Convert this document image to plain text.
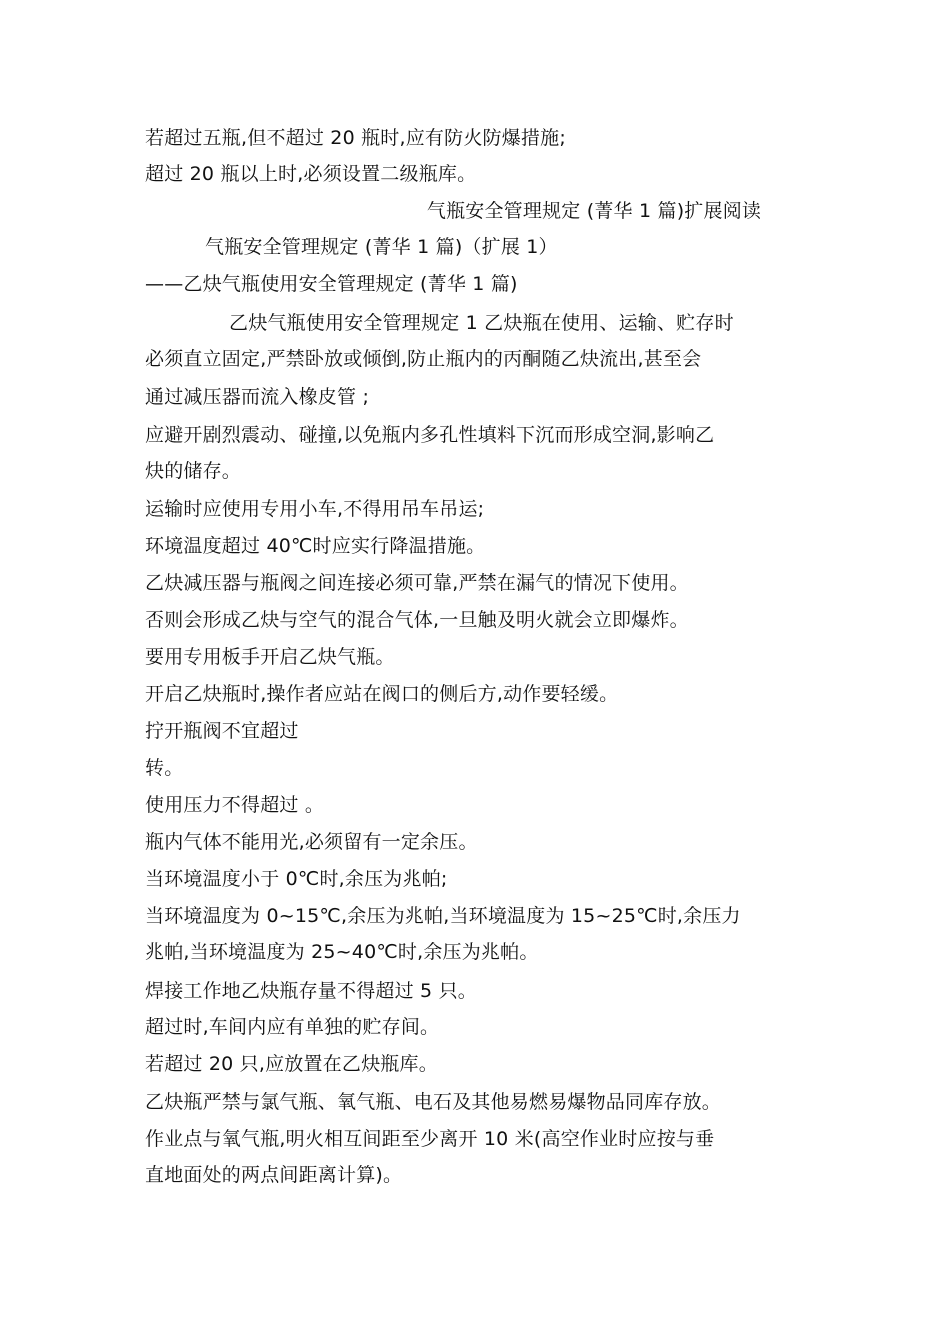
若超过五瓶,但不超过 20 瓶时,应有防火防爆措施;
超过 20 瓶以上时,必须设置二级瓶库。
气瓶安全管理规定 (菁华 1 篇)扩展阅读
气瓶安全管理规定 (菁华 1 篇)（扩展 1）
——乙炔气瓶使用安全管理规定 (菁华 1 篇)
乙炔气瓶使用安全管理规定 1 乙炔瓶在使用、运输、贮存时
必须直立固定,严禁卧放或倾倒,防止瓶内的丙酮随乙炔流出,甚至会
通过减压器而流入橡皮管 ;
应避开剧烈震动、碰撞,以免瓶内多孔性填料下沉而形成空洞,影响乙
炔的储存。
运输时应使用专用小车,不得用吊车吊运;
环境温度超过 40℃时应实行降温措施。
乙炔减压器与瓶阀之间连接必须可靠,严禁在漏气的情况下使用。
否则会形成乙炔与空气的混合气体,一旦触及明火就会立即爆炸。
要用专用板手开启乙炔气瓶。
开启乙炔瓶时,操作者应站在阀口的侧后方,动作要轻缓。
拧开瓶阀不宜超过
转。
使用压力不得超过 。
瓶内气体不能用光,必须留有一定余压。
当环境温度小于 0℃时,余压为兆帕;
当环境温度为 0~15℃,余压为兆帕,当环境温度为 15~25℃时,余压力
兆帕,当环境温度为 25~40℃时,余压为兆帕。
焊接工作地乙炔瓶存量不得超过 5 只。
超过时,车间内应有单独的贮存间。
若超过 20 只,应放置在乙炔瓶库。
乙炔瓶严禁与氯气瓶、氧气瓶、电石及其他易燃易爆物品同库存放。
作业点与氧气瓶,明火相互间距至少离开 10 米(高空作业时应按与垂
直地面处的两点间距离计算)。
